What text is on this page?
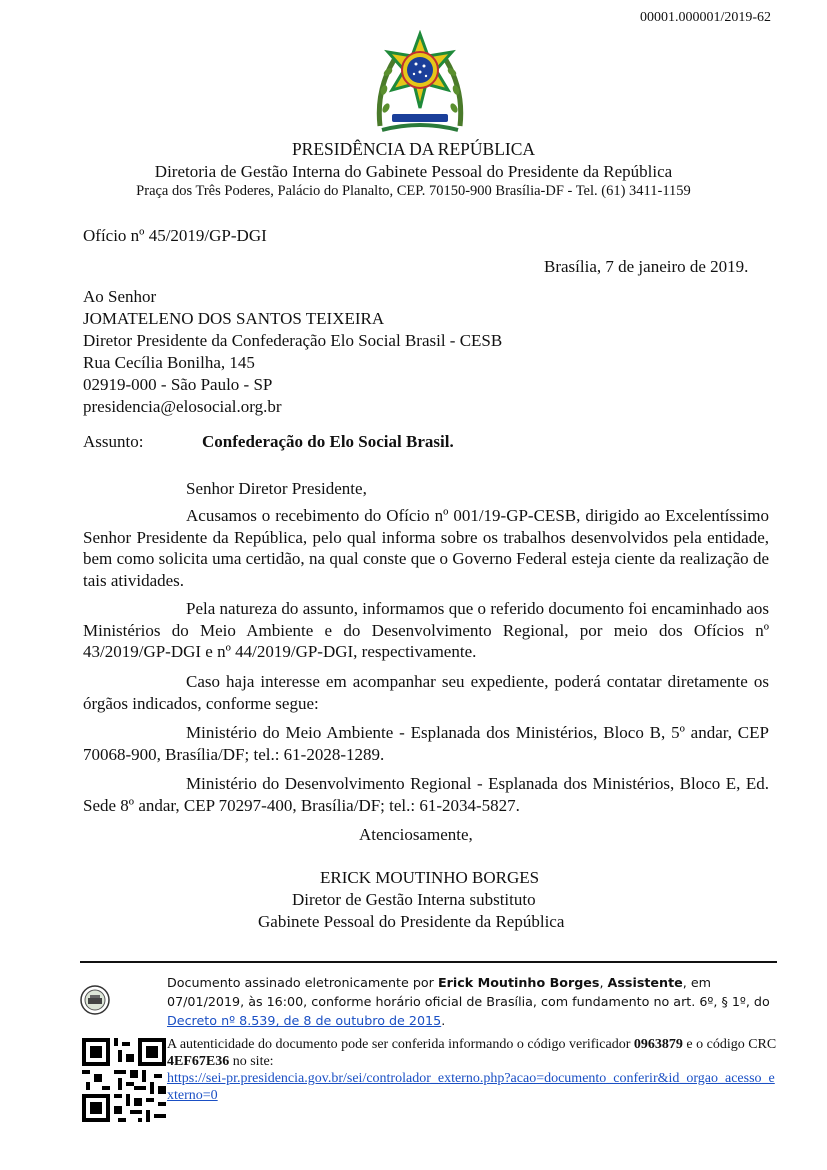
00001.000001/2019-62
PRESIDÊNCIA DA REPÚBLICA
Diretoria de Gestão Interna do Gabinete Pessoal do Presidente da República
Praça dos Três Poderes, Palácio do Planalto, CEP. 70150-900 Brasília-DF - Tel. (61) 3411-1159
Ofício nº 45/2019/GP-DGI
Brasília, 7 de janeiro de 2019.
Ao Senhor
JOMATELENO DOS SANTOS TEIXEIRA
Diretor Presidente da Confederação Elo Social Brasil - CESB
Rua Cecília Bonilha, 145
02919-000 - São Paulo - SP
presidencia@elosocial.org.br
Assunto:	Confederação do Elo Social Brasil.
Senhor Diretor Presidente,

Acusamos o recebimento do Ofício nº 001/19-GP-CESB, dirigido ao Excelentíssimo Senhor Presidente da República, pelo qual informa sobre os trabalhos desenvolvidos pela entidade, bem como solicita uma certidão, na qual conste que o Governo Federal esteja ciente da realização de tais atividades.

Pela natureza do assunto, informamos que o referido documento foi encaminhado aos Ministérios do Meio Ambiente e do Desenvolvimento Regional, por meio dos Ofícios nº 43/2019/GP-DGI e nº 44/2019/GP-DGI, respectivamente.

Caso haja interesse em acompanhar seu expediente, poderá contatar diretamente os órgãos indicados, conforme segue:

Ministério do Meio Ambiente - Esplanada dos Ministérios, Bloco B, 5º andar, CEP 70068-900, Brasília/DF; tel.: 61-2028-1289.

Ministério do Desenvolvimento Regional - Esplanada dos Ministérios, Bloco E, Ed. Sede 8º andar, CEP 70297-400, Brasília/DF; tel.: 61-2034-5827.

Atenciosamente,
ERICK MOUTINHO BORGES
Diretor de Gestão Interna substituto
Gabinete Pessoal do Presidente da República
Documento assinado eletronicamente por Erick Moutinho Borges, Assistente, em 07/01/2019, às 16:00, conforme horário oficial de Brasília, com fundamento no art. 6º, § 1º, do Decreto nº 8.539, de 8 de outubro de 2015.
A autenticidade do documento pode ser conferida informando o código verificador 0963879 e o código CRC 4EF67E36 no site:
https://sei-pr.presidencia.gov.br/sei/controlador_externo.php?acao=documento_conferir&id_orgao_acesso_externo=0
